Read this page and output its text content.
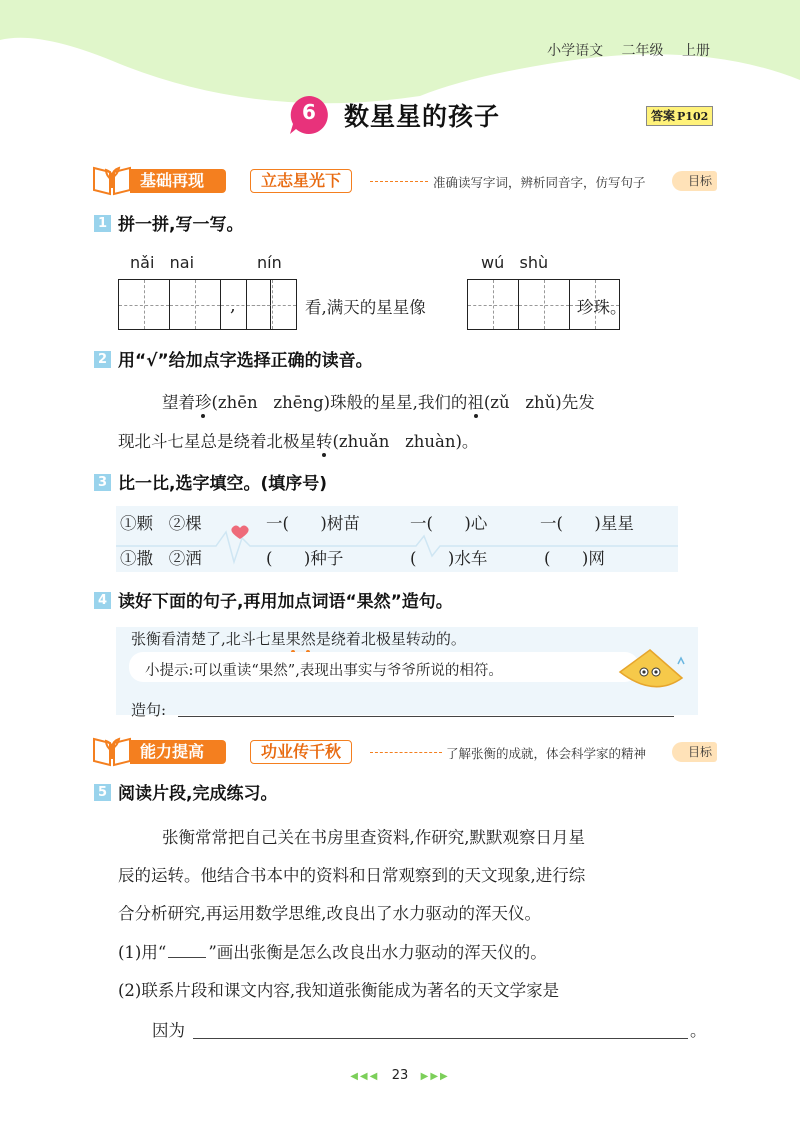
小学语文 二年级 上册
6	数星星的孩子	答案 P102
基础再现	立志星光下	准确读写字词，辨析同音字，仿写句子	目标
1 拼一拼,写一写。
nǎi   nai	nín	wú   shù
,	看,满天的星星像	珍珠。
2 用“√”给加点字选择正确的读音。
望着珍(zhēn   zhēng)珠般的星星,我们的祖(zǔ   zhǔ)先发
现北斗七星总是绕着北极星转(zhuǎn   zhuàn)。
3 比一比,选字填空。(填序号)
①颗   ②棵	一(      )树苗	一(      )心	一(      )星星
①撒   ②洒	(      )种子	(      )水车	(      )网
4 读好下面的句子,再用加点词语“果然”造句。
张衡看清楚了,北斗七星果然是绕着北极星转动的。
小提示:可以重读“果然”,表现出事实与爷爷所说的相符。
造句:
能力提高	功业传千秋	了解张衡的成就，体会科学家的精神	目标
5 阅读片段,完成练习。
张衡常常把自己关在书房里查资料,作研究,默默观察日月星
辰的运转。他结合书本中的资料和日常观察到的天文现象,进行综
合分析研究,再运用数学思维,改良出了水力驱动的浑天仪。
(1)用“	”画出张衡是怎么改良出水力驱动的浑天仪的。
(2)联系片段和课文内容,我知道张衡能成为著名的天文学家是
因为	。
◀◀◀ 23 ▶▶▶
